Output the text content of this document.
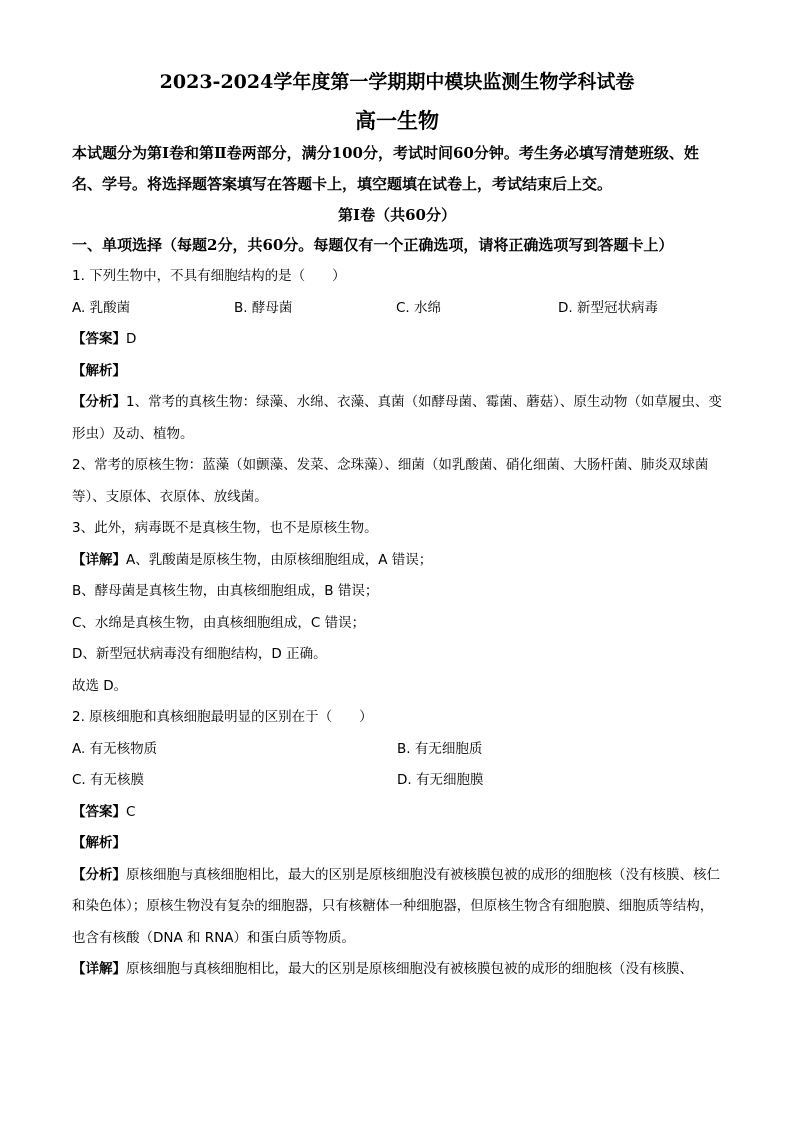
2023-2024学年度第一学期期中模块监测生物学科试卷
高一生物

本试题分为第Ⅰ卷和第Ⅱ卷两部分，满分100分，考试时间60分钟。考生务必填写清楚班级、姓名、学号。将选择题答案填写在答题卡上，填空题填在试卷上，考试结束后上交。

第Ⅰ卷（共60分）

一、单项选择（每题2分，共60分。每题仅有一个正确选项，请将正确选项写到答题卡上）

1. 下列生物中，不具有细胞结构的是（　　）

A. 乳酸菌	B. 酵母菌	C. 水绵	D. 新型冠状病毒

【答案】D

【解析】

【分析】1、常考的真核生物：绿藻、水绵、衣藻、真菌（如酵母菌、霉菌、蘑菇）、原生动物（如草履虫、变形虫）及动、植物。

2、常考的原核生物：蓝藻（如颤藻、发菜、念珠藻）、细菌（如乳酸菌、硝化细菌、大肠杆菌、肺炎双球菌等）、支原体、衣原体、放线菌。

3、此外，病毒既不是真核生物，也不是原核生物。

【详解】A、乳酸菌是原核生物，由原核细胞组成，A 错误；

B、酵母菌是真核生物，由真核细胞组成，B 错误；

C、水绵是真核生物，由真核细胞组成，C 错误；

D、新型冠状病毒没有细胞结构，D 正确。

故选 D。

2. 原核细胞和真核细胞最明显的区别在于（　　）

A. 有无核物质	B. 有无细胞质
C. 有无核膜	D. 有无细胞膜

【答案】C

【解析】

【分析】原核细胞与真核细胞相比，最大的区别是原核细胞没有被核膜包被的成形的细胞核（没有核膜、核仁和染色体）；原核生物没有复杂的细胞器，只有核糖体一种细胞器，但原核生物含有细胞膜、细胞质等结构，也含有核酸（DNA 和 RNA）和蛋白质等物质。

【详解】原核细胞与真核细胞相比，最大的区别是原核细胞没有被核膜包被的成形的细胞核（没有核膜、
